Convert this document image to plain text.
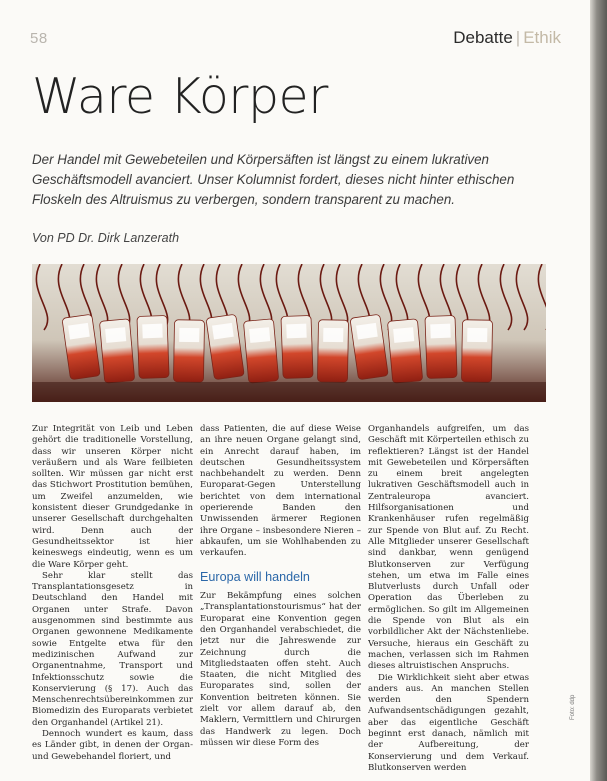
58	Debatte | Ethik
Ware Körper

Der Handel mit Gewebeteilen und Körpersäften ist längst zu einem lukrativen Geschäftsmodell avanciert. Unser Kolumnist fordert, dieses nicht hinter ethischen Floskeln des Altruismus zu verbergen, sondern transparent zu machen.

Von PD Dr. Dirk Lanzerath

Zur Integrität von Leib und Leben gehört die traditionelle Vorstellung, dass wir unseren Körper nicht veräußern und als Ware feilbieten sollten. Wir müssen gar nicht erst das Stichwort Prostitution bemühen, um Zweifel anzumelden, wie konsistent dieser Grundgedanke in unserer Gesellschaft durchgehalten wird. Denn auch der Gesundheitssektor ist hier keineswegs eindeutig, wenn es um die Ware Körper geht.

Sehr klar stellt das Transplantationsgesetz in Deutschland den Handel mit Organen unter Strafe. Davon ausgenommen sind bestimmte aus Organen gewonnene Medikamente sowie Entgelte etwa für den medizinischen Aufwand zur Organentnahme, Transport und Infektionsschutz sowie die Konservierung (§ 17). Auch das Menschenrechtsübereinkommen zur Biomedizin des Europarats verbietet den Organhandel (Artikel 21).

Dennoch wundert es kaum, dass es Länder gibt, in denen der Organ- und Gewebehandel floriert, und

dass Patienten, die auf diese Weise an ihre neuen Organe gelangt sind, ein Anrecht darauf haben, im deutschen Gesundheitssystem nachbehandelt zu werden. Denn Europarat-Gegen Unterstellung berichtet von dem international operierende Banden den Unwissenden ärmerer Regionen ihre Organe – insbesondere Nieren – abkaufen, um sie Wohlhabenden zu verkaufen.

Europa will handeln

Zur Bekämpfung eines solchen „Transplantationstourismus“ hat der Europarat eine Konvention gegen den Organhandel verabschiedet, die jetzt nur die Jahreswende zur Zeichnung durch die Mitgliedstaaten offen steht. Auch Staaten, die nicht Mitglied des Europarates sind, sollen der Konvention beitreten können. Sie zielt vor allem darauf ab, den Maklern, Vermittlern und Chirurgen das Handwerk zu legen. Doch müssen wir diese Form des

Organhandels aufgreifen, um das Geschäft mit Körperteilen ethisch zu reflektieren? Längst ist der Handel mit Gewebeteilen und Körpersäften zu einem breit angelegten lukrativen Geschäftsmodell auch in Zentraleuropa avanciert. Hilfsorganisationen und Krankenhäuser rufen regelmäßig zur Spende von Blut auf. Zu Recht. Alle Mitglieder unserer Gesellschaft sind dankbar, wenn genügend Blutkonserven zur Verfügung stehen, um etwa im Falle eines Blutverlusts durch Unfall oder Operation das Überleben zu ermöglichen. So gilt im Allgemeinen die Spende von Blut als ein vorbildlicher Akt der Nächstenliebe. Versuche, hieraus ein Geschäft zu machen, verlassen sich im Rahmen dieses altruistischen Anspruchs.

Die Wirklichkeit sieht aber etwas anders aus. An manchen Stellen werden den Spendern Aufwandsentschädigungen gezahlt, aber das eigentliche Geschäft beginnt erst danach, nämlich mit der Aufbereitung, der Konservierung und dem Verkauf. Blutkonserven werden

Foto: ddp
